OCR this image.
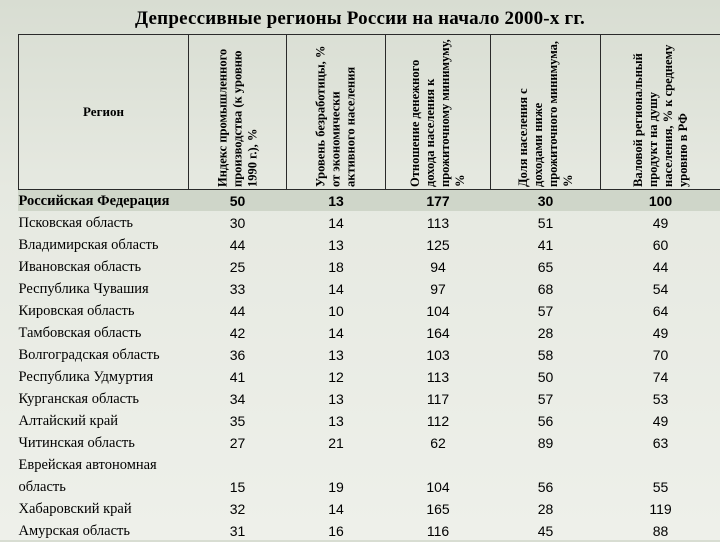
Депрессивные регионы России на начало 2000-х гг.
Регион	Индекс промышленного производства (к уровню 1990 г.), %	Уровень безработицы, % от экономически активного населения	Отношение денежного дохода населения к прожиточному минимуму, %	Доля населения с доходами ниже прожиточного минимума, %	Валовой региональный продукт на душу населения, % к среднему уровню в РФ

Российская Федерация	50	13	177	30	100
Псковская область	30	14	113	51	49
Владимирская область	44	13	125	41	60
Ивановская область	25	18	94	65	44
Республика Чувашия	33	14	97	68	54
Кировская область	44	10	104	57	64
Тамбовская область	42	14	164	28	49
Волгоградская область	36	13	103	58	70
Республика Удмуртия	41	12	113	50	74
Курганская область	34	13	117	57	53
Алтайский край	35	13	112	56	49
Читинская область	27	21	62	89	63
Еврейская автономная					
область	15	19	104	56	55
Хабаровский край	32	14	165	28	119
Амурская область	31	16	116	45	88
